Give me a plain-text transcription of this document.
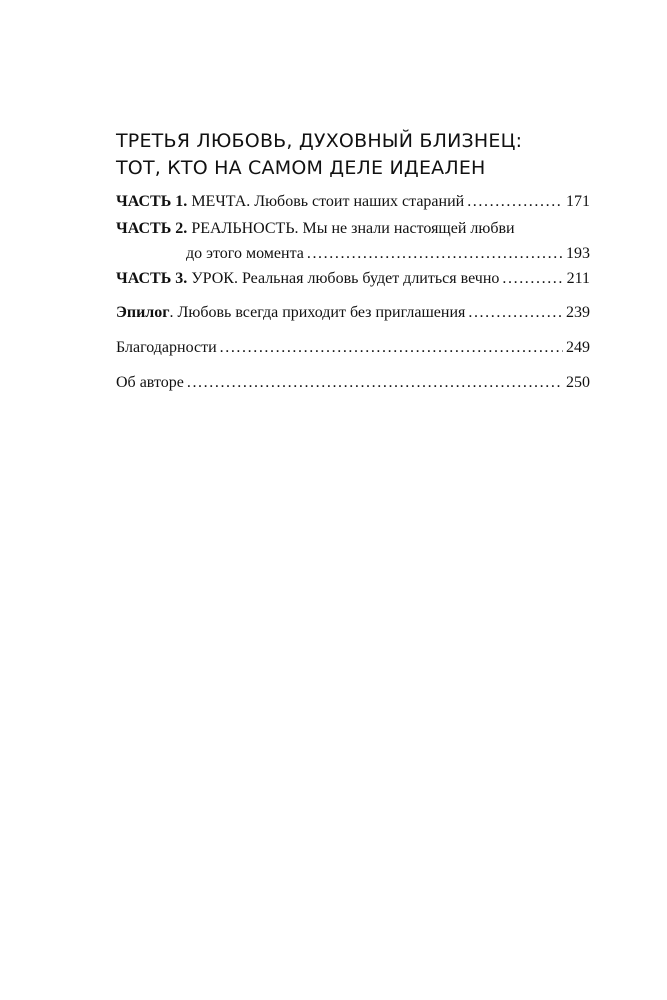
ТРЕТЬЯ ЛЮБОВЬ, ДУХОВНЫЙ БЛИЗНЕЦ:
ТОТ, КТО НА САМОМ ДЕЛЕ ИДЕАЛЕН
ЧАСТЬ 1. МЕЧТА. Любовь стоит наших стараний . . .	171
ЧАСТЬ 2. РЕАЛЬНОСТЬ. Мы не знали настоящей любви
до этого момента . . .	193
ЧАСТЬ 3. УРОК. Реальная любовь будет длиться вечно . . .	211
Эпилог. Любовь всегда приходит без приглашения . . .	239
Благодарности . . .	249
Об авторе . . .	250
